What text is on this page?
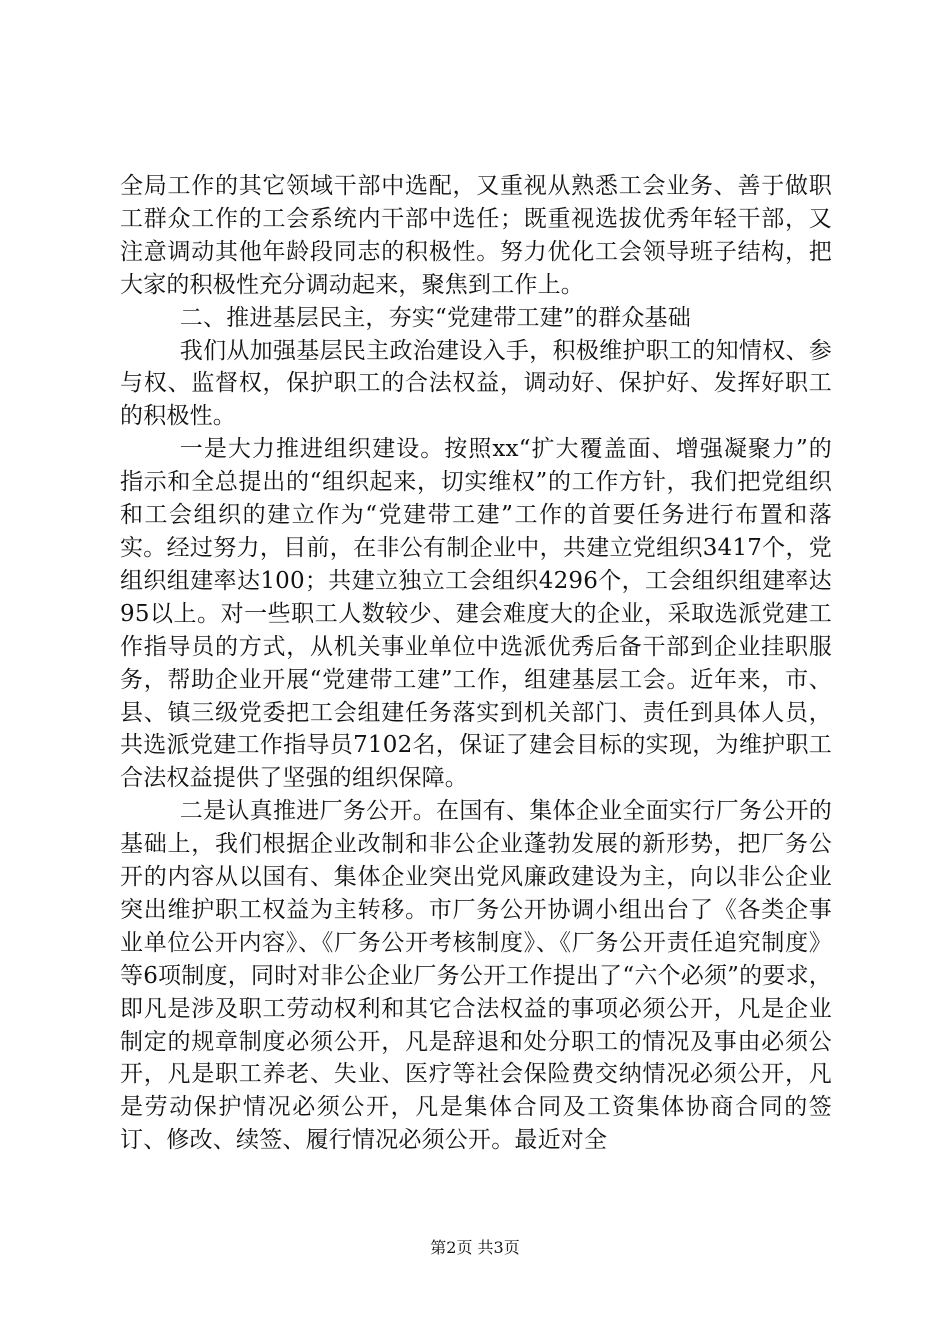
全局工作的其它领域干部中选配，又重视从熟悉工会业务、善于做职工群众工作的工会系统内干部中选任；既重视选拔优秀年轻干部，又注意调动其他年龄段同志的积极性。努力优化工会领导班子结构，把大家的积极性充分调动起来，聚焦到工作上。

二、推进基层民主，夯实“党建带工建”的群众基础

我们从加强基层民主政治建设入手，积极维护职工的知情权、参与权、监督权，保护职工的合法权益，调动好、保护好、发挥好职工的积极性。

一是大力推进组织建设。按照xx“扩大覆盖面、增强凝聚力”的指示和全总提出的“组织起来，切实维权”的工作方针，我们把党组织和工会组织的建立作为“党建带工建”工作的首要任务进行布置和落实。经过努力，目前，在非公有制企业中，共建立党组织3417个，党组织组建率达100；共建立独立工会组织4296个，工会组织组建率达95以上。对一些职工人数较少、建会难度大的企业，采取选派党建工作指导员的方式，从机关事业单位中选派优秀后备干部到企业挂职服务，帮助企业开展“党建带工建”工作，组建基层工会。近年来，市、县、镇三级党委把工会组建任务落实到机关部门、责任到具体人员，共选派党建工作指导员7102名，保证了建会目标的实现，为维护职工合法权益提供了坚强的组织保障。

二是认真推进厂务公开。在国有、集体企业全面实行厂务公开的基础上，我们根据企业改制和非公企业蓬勃发展的新形势，把厂务公开的内容从以国有、集体企业突出党风廉政建设为主，向以非公企业突出维护职工权益为主转移。市厂务公开协调小组出台了《各类企事业单位公开内容》、《厂务公开考核制度》、《厂务公开责任追究制度》等6项制度，同时对非公企业厂务公开工作提出了“六个必须”的要求，即凡是涉及职工劳动权利和其它合法权益的事项必须公开，凡是企业制定的规章制度必须公开，凡是辞退和处分职工的情况及事由必须公开，凡是职工养老、失业、医疗等社会保险费交纳情况必须公开，凡是劳动保护情况必须公开，凡是集体合同及工资集体协商合同的签订、修改、续签、履行情况必须公开。最近对全

第2页 共3页
